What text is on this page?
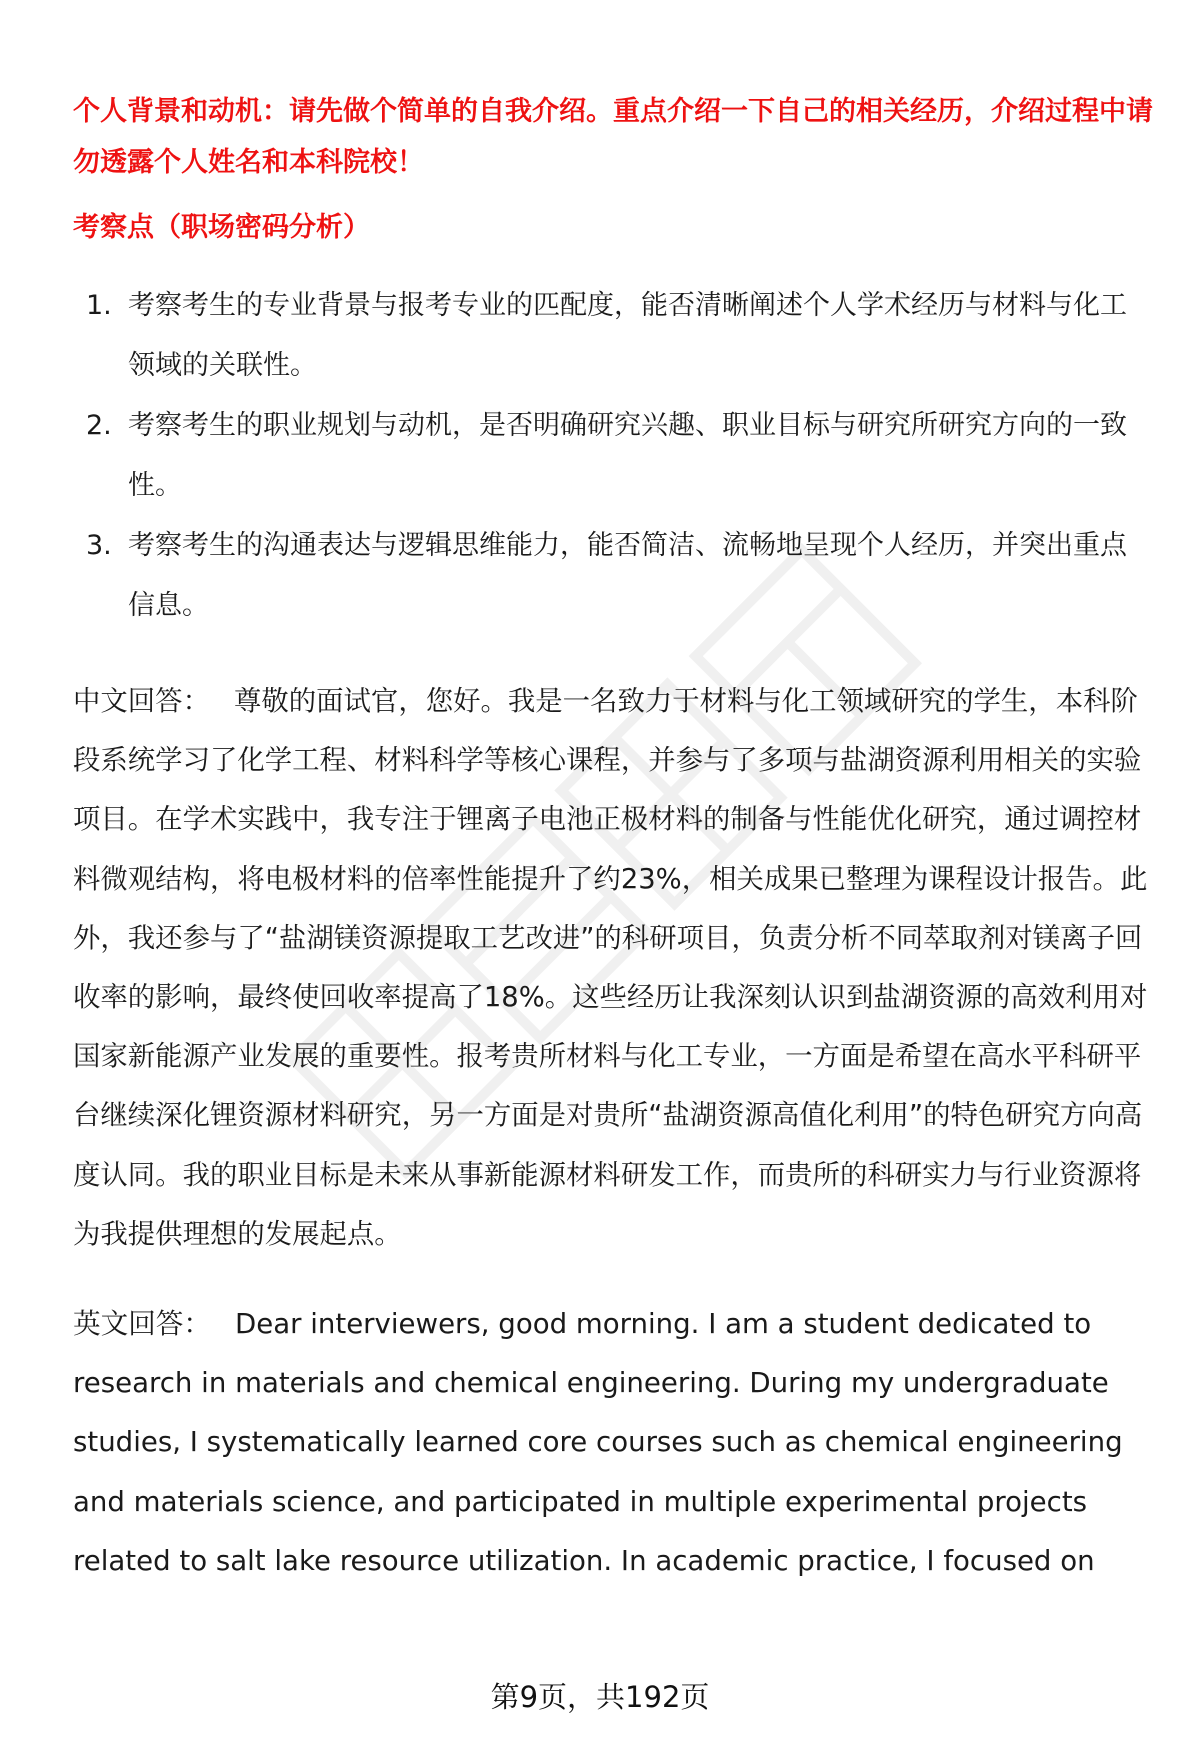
个人背景和动机：请先做个简单的自我介绍。重点介绍一下自己的相关经历，介绍过程中请勿透露个人姓名和本科院校！

考察点（职场密码分析）

1. 考察考生的专业背景与报考专业的匹配度，能否清晰阐述个人学术经历与材料与化工领域的关联性。
2. 考察考生的职业规划与动机，是否明确研究兴趣、职业目标与研究所研究方向的一致性。
3. 考察考生的沟通表达与逻辑思维能力，能否简洁、流畅地呈现个人经历，并突出重点信息。

中文回答： 尊敬的面试官，您好。我是一名致力于材料与化工领域研究的学生，本科阶段系统学习了化学工程、材料科学等核心课程，并参与了多项与盐湖资源利用相关的实验项目。在学术实践中，我专注于锂离子电池正极材料的制备与性能优化研究，通过调控材料微观结构，将电极材料的倍率性能提升了约23%，相关成果已整理为课程设计报告。此外，我还参与了“盐湖镁资源提取工艺改进”的科研项目，负责分析不同萃取剂对镁离子回收率的影响，最终使回收率提高了18%。这些经历让我深刻认识到盐湖资源的高效利用对国家新能源产业发展的重要性。报考贵所材料与化工专业，一方面是希望在高水平科研平台继续深化锂资源材料研究，另一方面是对贵所“盐湖资源高值化利用”的特色研究方向高度认同。我的职业目标是未来从事新能源材料研发工作，而贵所的科研实力与行业资源将为我提供理想的发展起点。

英文回答： Dear interviewers, good morning. I am a student dedicated to research in materials and chemical engineering. During my undergraduate studies, I systematically learned core courses such as chemical engineering and materials science, and participated in multiple experimental projects related to salt lake resource utilization. In academic practice, I focused on

第9页，共192页
